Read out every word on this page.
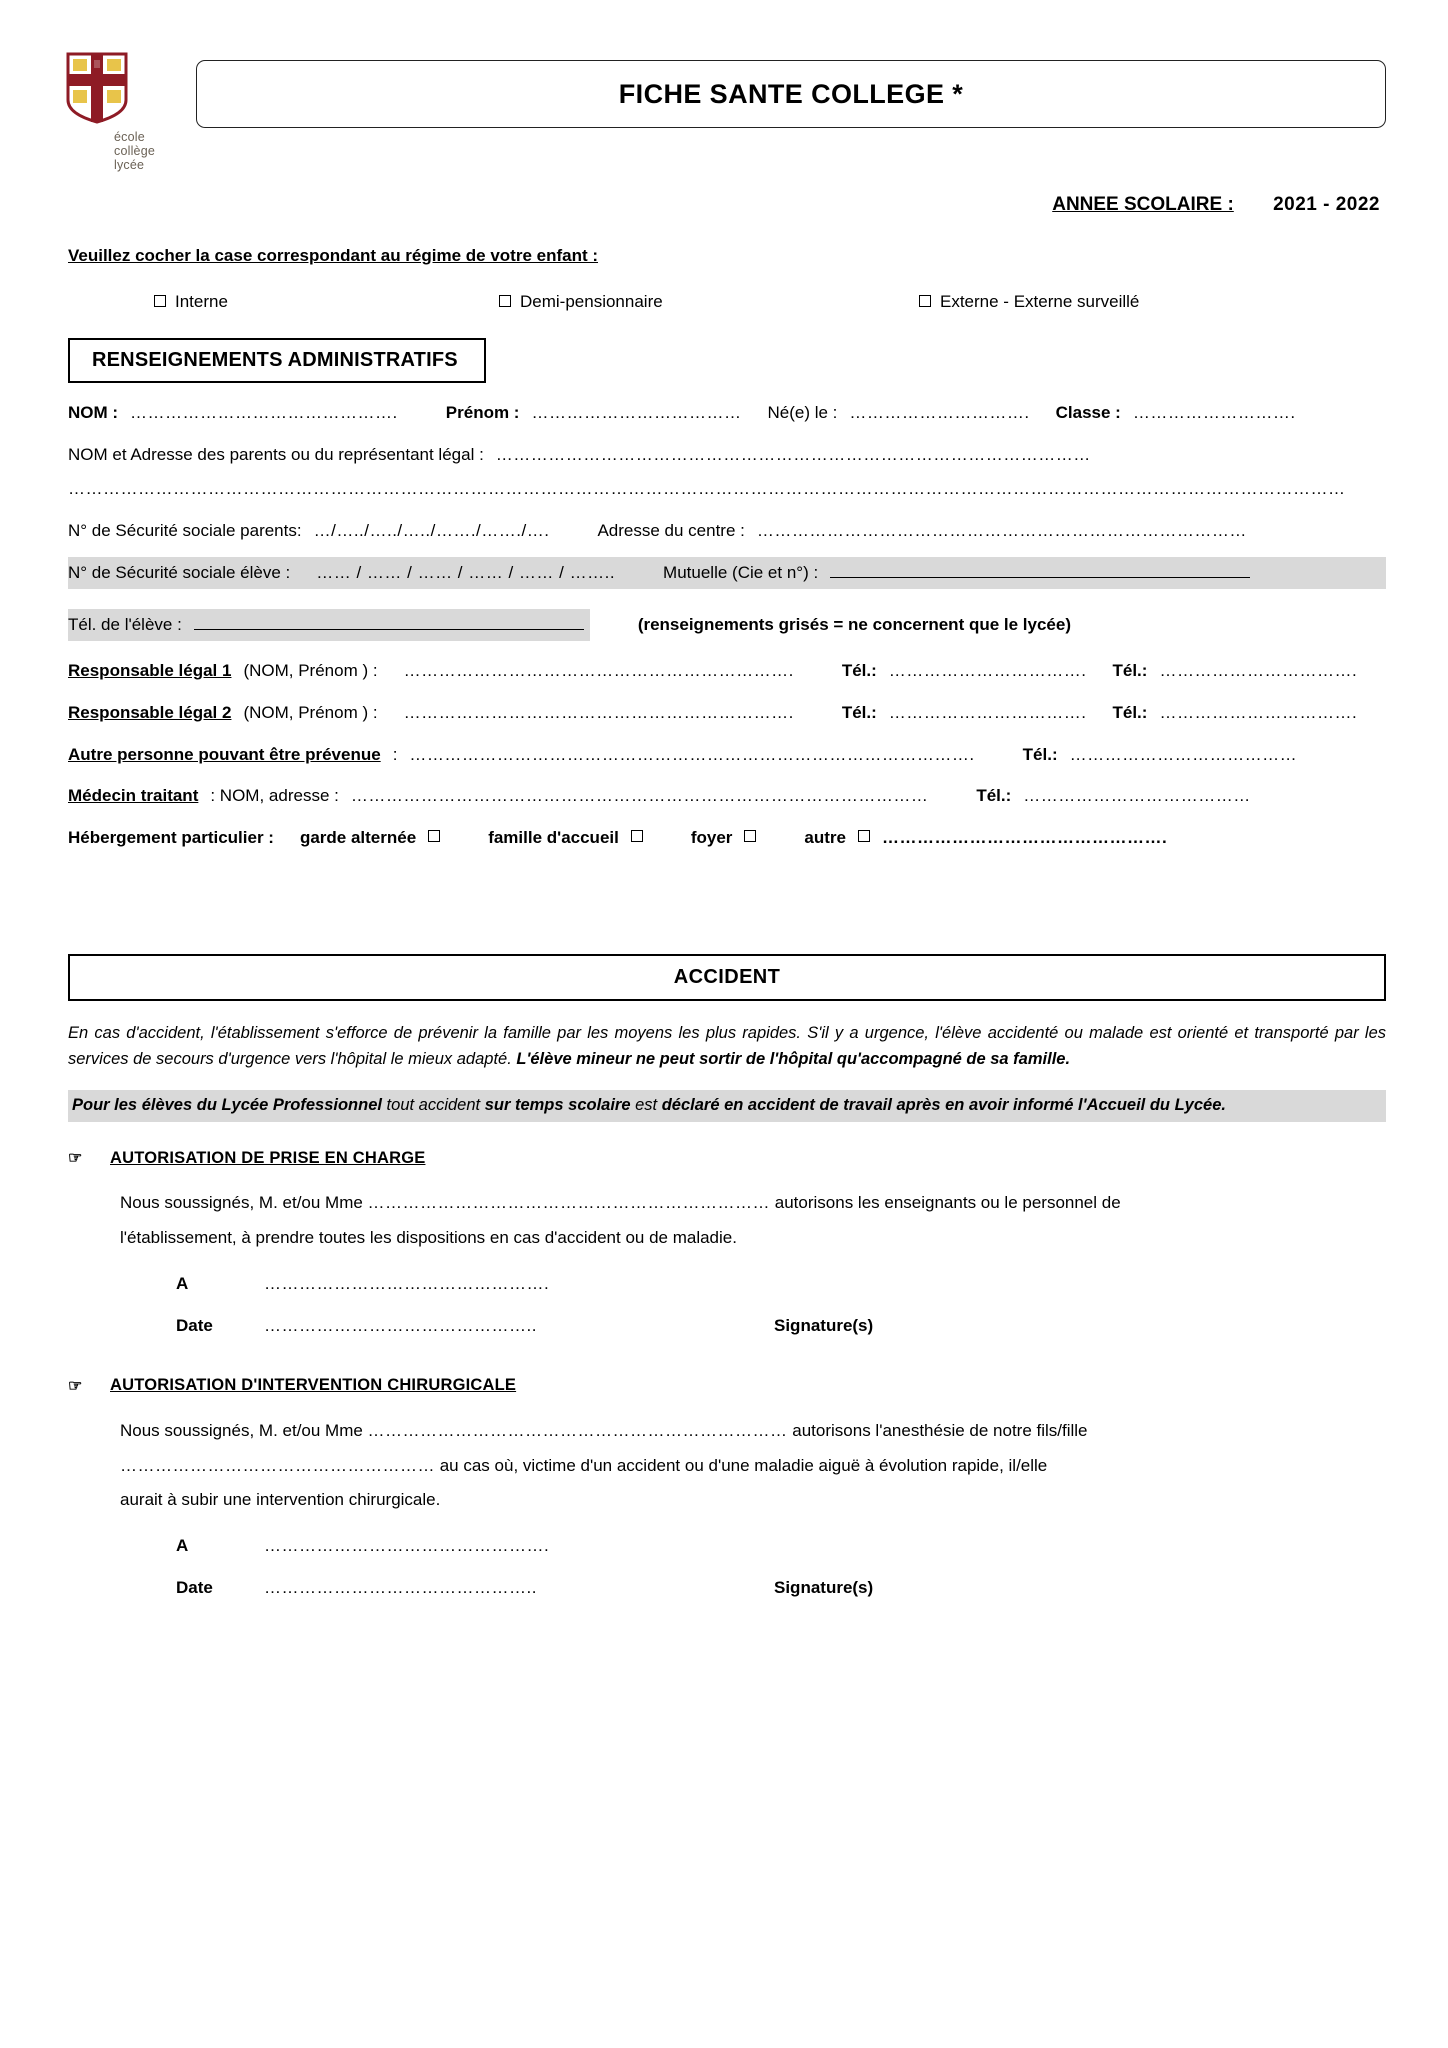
école
collège
lycée
FICHE SANTE COLLEGE *
ANNEE SCOLAIRE : 2021 - 2022
Veuillez cocher la case correspondant au régime de votre enfant :
Interne	Demi-pensionnaire	Externe - Externe surveillé
RENSEIGNEMENTS ADMINISTRATIFS
NOM : ……………………………………….	Prénom : ……………………………… Né(e) le : …………………………. Classe : ……………………….
NOM et Adresse des parents ou du représentant légal : …………………………………………………………………………………………
…………………………………………………………………………………………………………………………………………………………………………………………………
N° de Sécurité sociale parents: …/…../…../…../……./……./….	Adresse du centre : …………………………………………………………………………
N° de Sécurité sociale élève : …… / …… / …… / …… / …… / ……..	Mutuelle (Cie et n°) :
Tél. de l'élève :	(renseignements grisés = ne concernent que le lycée)
Responsable légal 1 (NOM, Prénom ) : ………………………………………………………….	Tél.: ……………………………. Tél.: …………………………….
Responsable légal 2 (NOM, Prénom ) : ………………………………………………………….	Tél.: ……………………………. Tél.: …………………………….
Autre personne pouvant être prévenue : …………………………………………………………………………………….	Tél.: …………………………………
Médecin traitant : NOM, adresse : ………………………………………………………………………………………	Tél.: …………………………………
Hébergement particulier : garde alternée	famille d'accueil	foyer	autre ………………………………………….
ACCIDENT
En cas d'accident, l'établissement s'efforce de prévenir la famille par les moyens les plus rapides. S'il y a urgence, l'élève accidenté ou malade est orienté et transporté par les services de secours d'urgence vers l'hôpital le mieux adapté. L'élève mineur ne peut sortir de l'hôpital qu'accompagné de sa famille.
Pour les élèves du Lycée Professionnel tout accident sur temps scolaire est déclaré en accident de travail après en avoir informé l'Accueil du Lycée.
☞	AUTORISATION DE PRISE EN CHARGE

Nous soussignés, M. et/ou Mme …………………………………………………………… autorisons les enseignants ou le personnel de

l'établissement, à prendre toutes les dispositions en cas d'accident ou de maladie.

A	………………………………………….
Date	………………………………………..	Signature(s)
☞	AUTORISATION D'INTERVENTION CHIRURGICALE

Nous soussignés, M. et/ou Mme ……………………………………………………………… autorisons l'anesthésie de notre fils/fille

……………………………………………… au cas où, victime d'un accident ou d'une maladie aiguë à évolution rapide, il/elle

aurait à subir une intervention chirurgicale.

A	………………………………………….
Date	………………………………………..	Signature(s)
